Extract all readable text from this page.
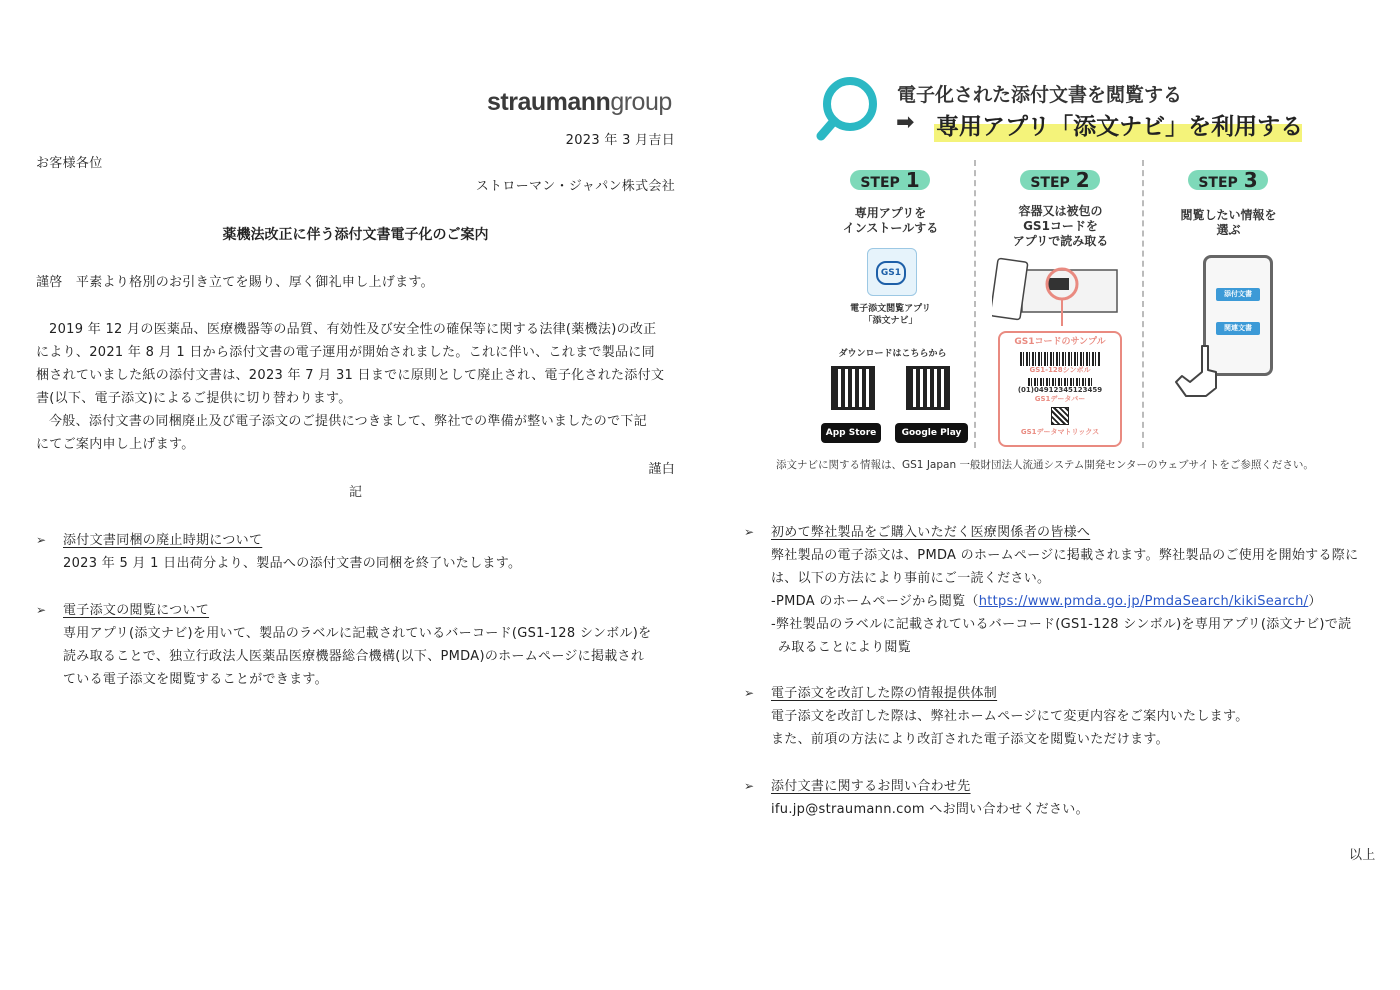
straumanngroup
2023 年 3 月吉日
お客様各位
ストローマン・ジャパン株式会社
薬機法改正に伴う添付文書電子化のご案内
謹啓　平素より格別のお引き立てを賜り、厚く御礼申し上げます。
2019 年 12 月の医薬品、医療機器等の品質、有効性及び安全性の確保等に関する法律(薬機法)の改正
により、2021 年 8 月 1 日から添付文書の電子運用が開始されました。これに伴い、これまで製品に同
梱されていました紙の添付文書は、2023 年 7 月 31 日までに原則として廃止され、電子化された添付文
書(以下、電子添文)によるご提供に切り替わります。
今般、添付文書の同梱廃止及び電子添文のご提供につきまして、弊社での準備が整いましたので下記
にてご案内申し上げます。
謹白
記
➢ 添付文書同梱の廃止時期について
2023 年 5 月 1 日出荷分より、製品への添付文書の同梱を終了いたします。
➢ 電子添文の閲覧について
専用アプリ(添文ナビ)を用いて、製品のラベルに記載されているバーコード(GS1-128 シンボル)を
読み取ることで、独立行政法人医薬品医療機器総合機構(以下、PMDA)のホームページに掲載され
ている電子添文を閲覧することができます。
電子化された添付文書を閲覧する
➡ 専用アプリ「添文ナビ」を利用する
STEP 1
専用アプリを
インストールする
GS1
電子添文閲覧アプリ
「添文ナビ」
ダウンロードはこちらから
App Store	Google Play
STEP 2
容器又は被包の
GS1コードを
アプリで読み取る
GS1コードのサンプル
GS1-128シンボル
(01)04912345123459
GS1データバー
GS1データマトリックス
STEP 3
閲覧したい情報を
選ぶ
添付文書
関連文書
添文ナビに関する情報は、GS1 Japan 一般財団法人流通システム開発センターのウェブサイトをご参照ください。
➢ 初めて弊社製品をご購入いただく医療関係者の皆様へ
弊社製品の電子添文は、PMDA のホームページに掲載されます。弊社製品のご使用を開始する際に
は、以下の方法により事前にご一読ください。
-PMDA のホームページから閲覧（https://www.pmda.go.jp/PmdaSearch/kikiSearch/）
-弊社製品のラベルに記載されているバーコード(GS1-128 シンボル)を専用アプリ(添文ナビ)で読
み取ることにより閲覧
➢ 電子添文を改訂した際の情報提供体制
電子添文を改訂した際は、弊社ホームページにて変更内容をご案内いたします。
また、前項の方法により改訂された電子添文を閲覧いただけます。
➢ 添付文書に関するお問い合わせ先
ifu.jp@straumann.com へお問い合わせください。
以上
